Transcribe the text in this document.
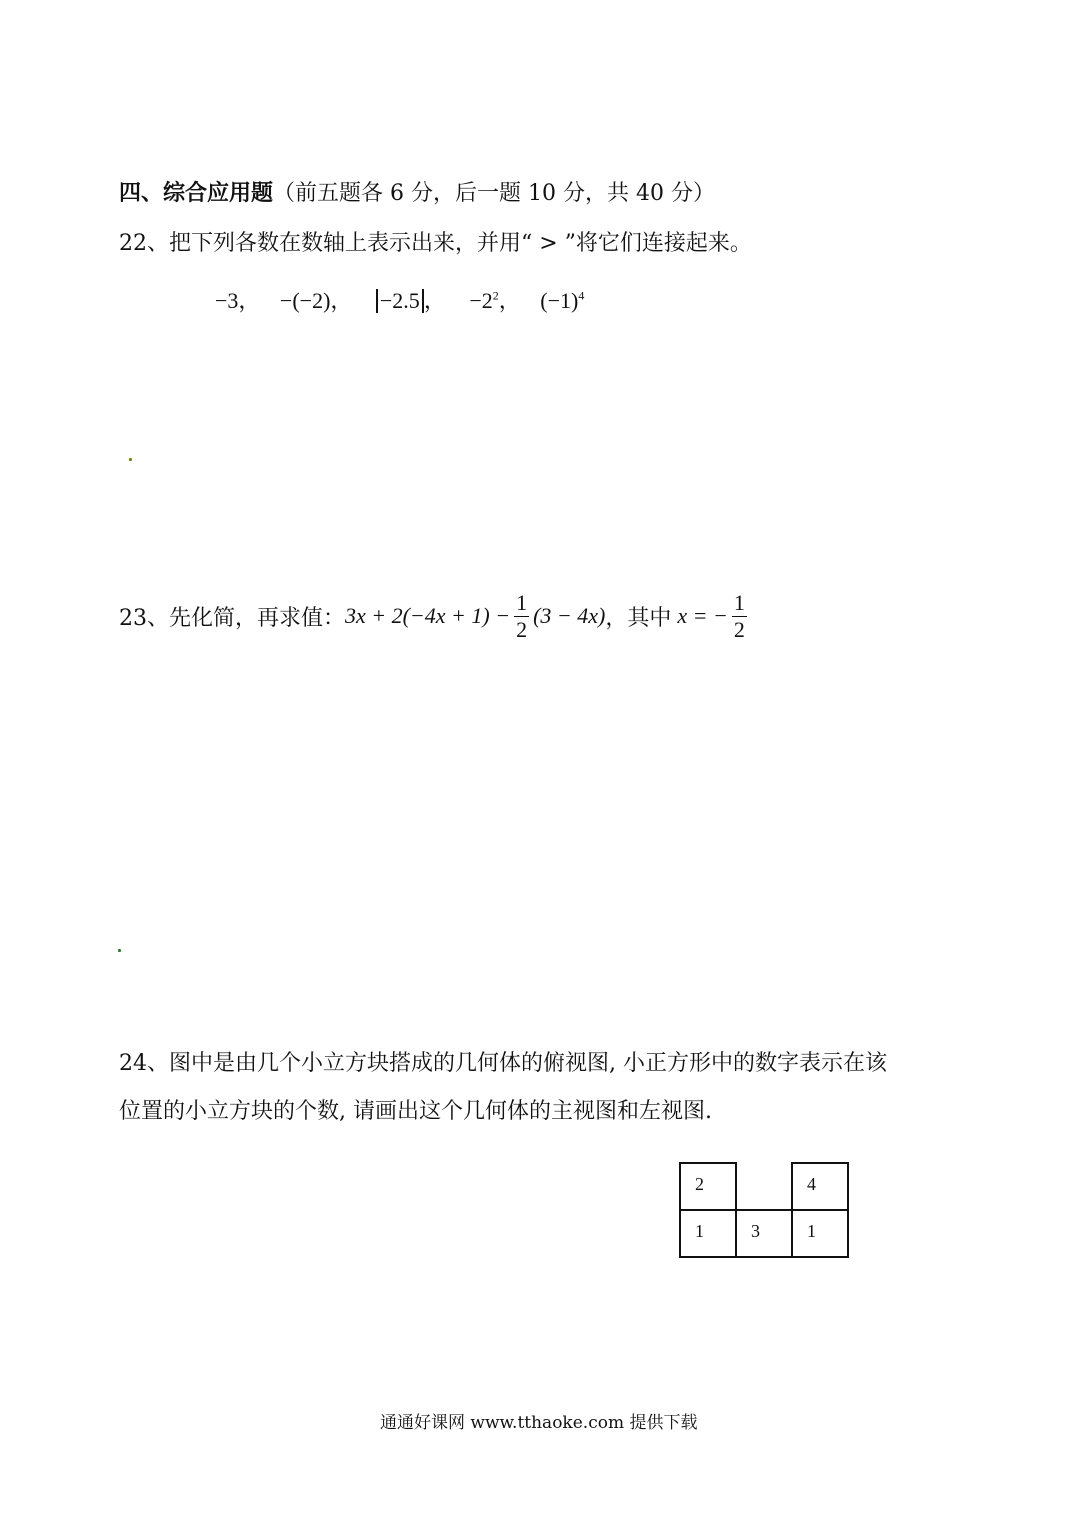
四、综合应用题（前五题各 6 分，后一题 10 分，共 40 分）
22、把下列各数在数轴上表示出来，并用“ > ”将它们连接起来。
−3， −(−2)， −2.5 ， $-2^2$， $(-1)^4$
23、先化简，再求值： $3x + 2(-4x + 1) - \frac{1}{2} (3 - 4x)$ ，其中 x = − $\frac{1}{2}$
24、图中是由几个小立方块搭成的几何体的俯视图, 小正方形中的数字表示在该
位置的小立方块的个数, 请画出这个几何体的主视图和左视图.
2		4
1	3	1
通通好课网 www.tthaoke.com 提供下载
